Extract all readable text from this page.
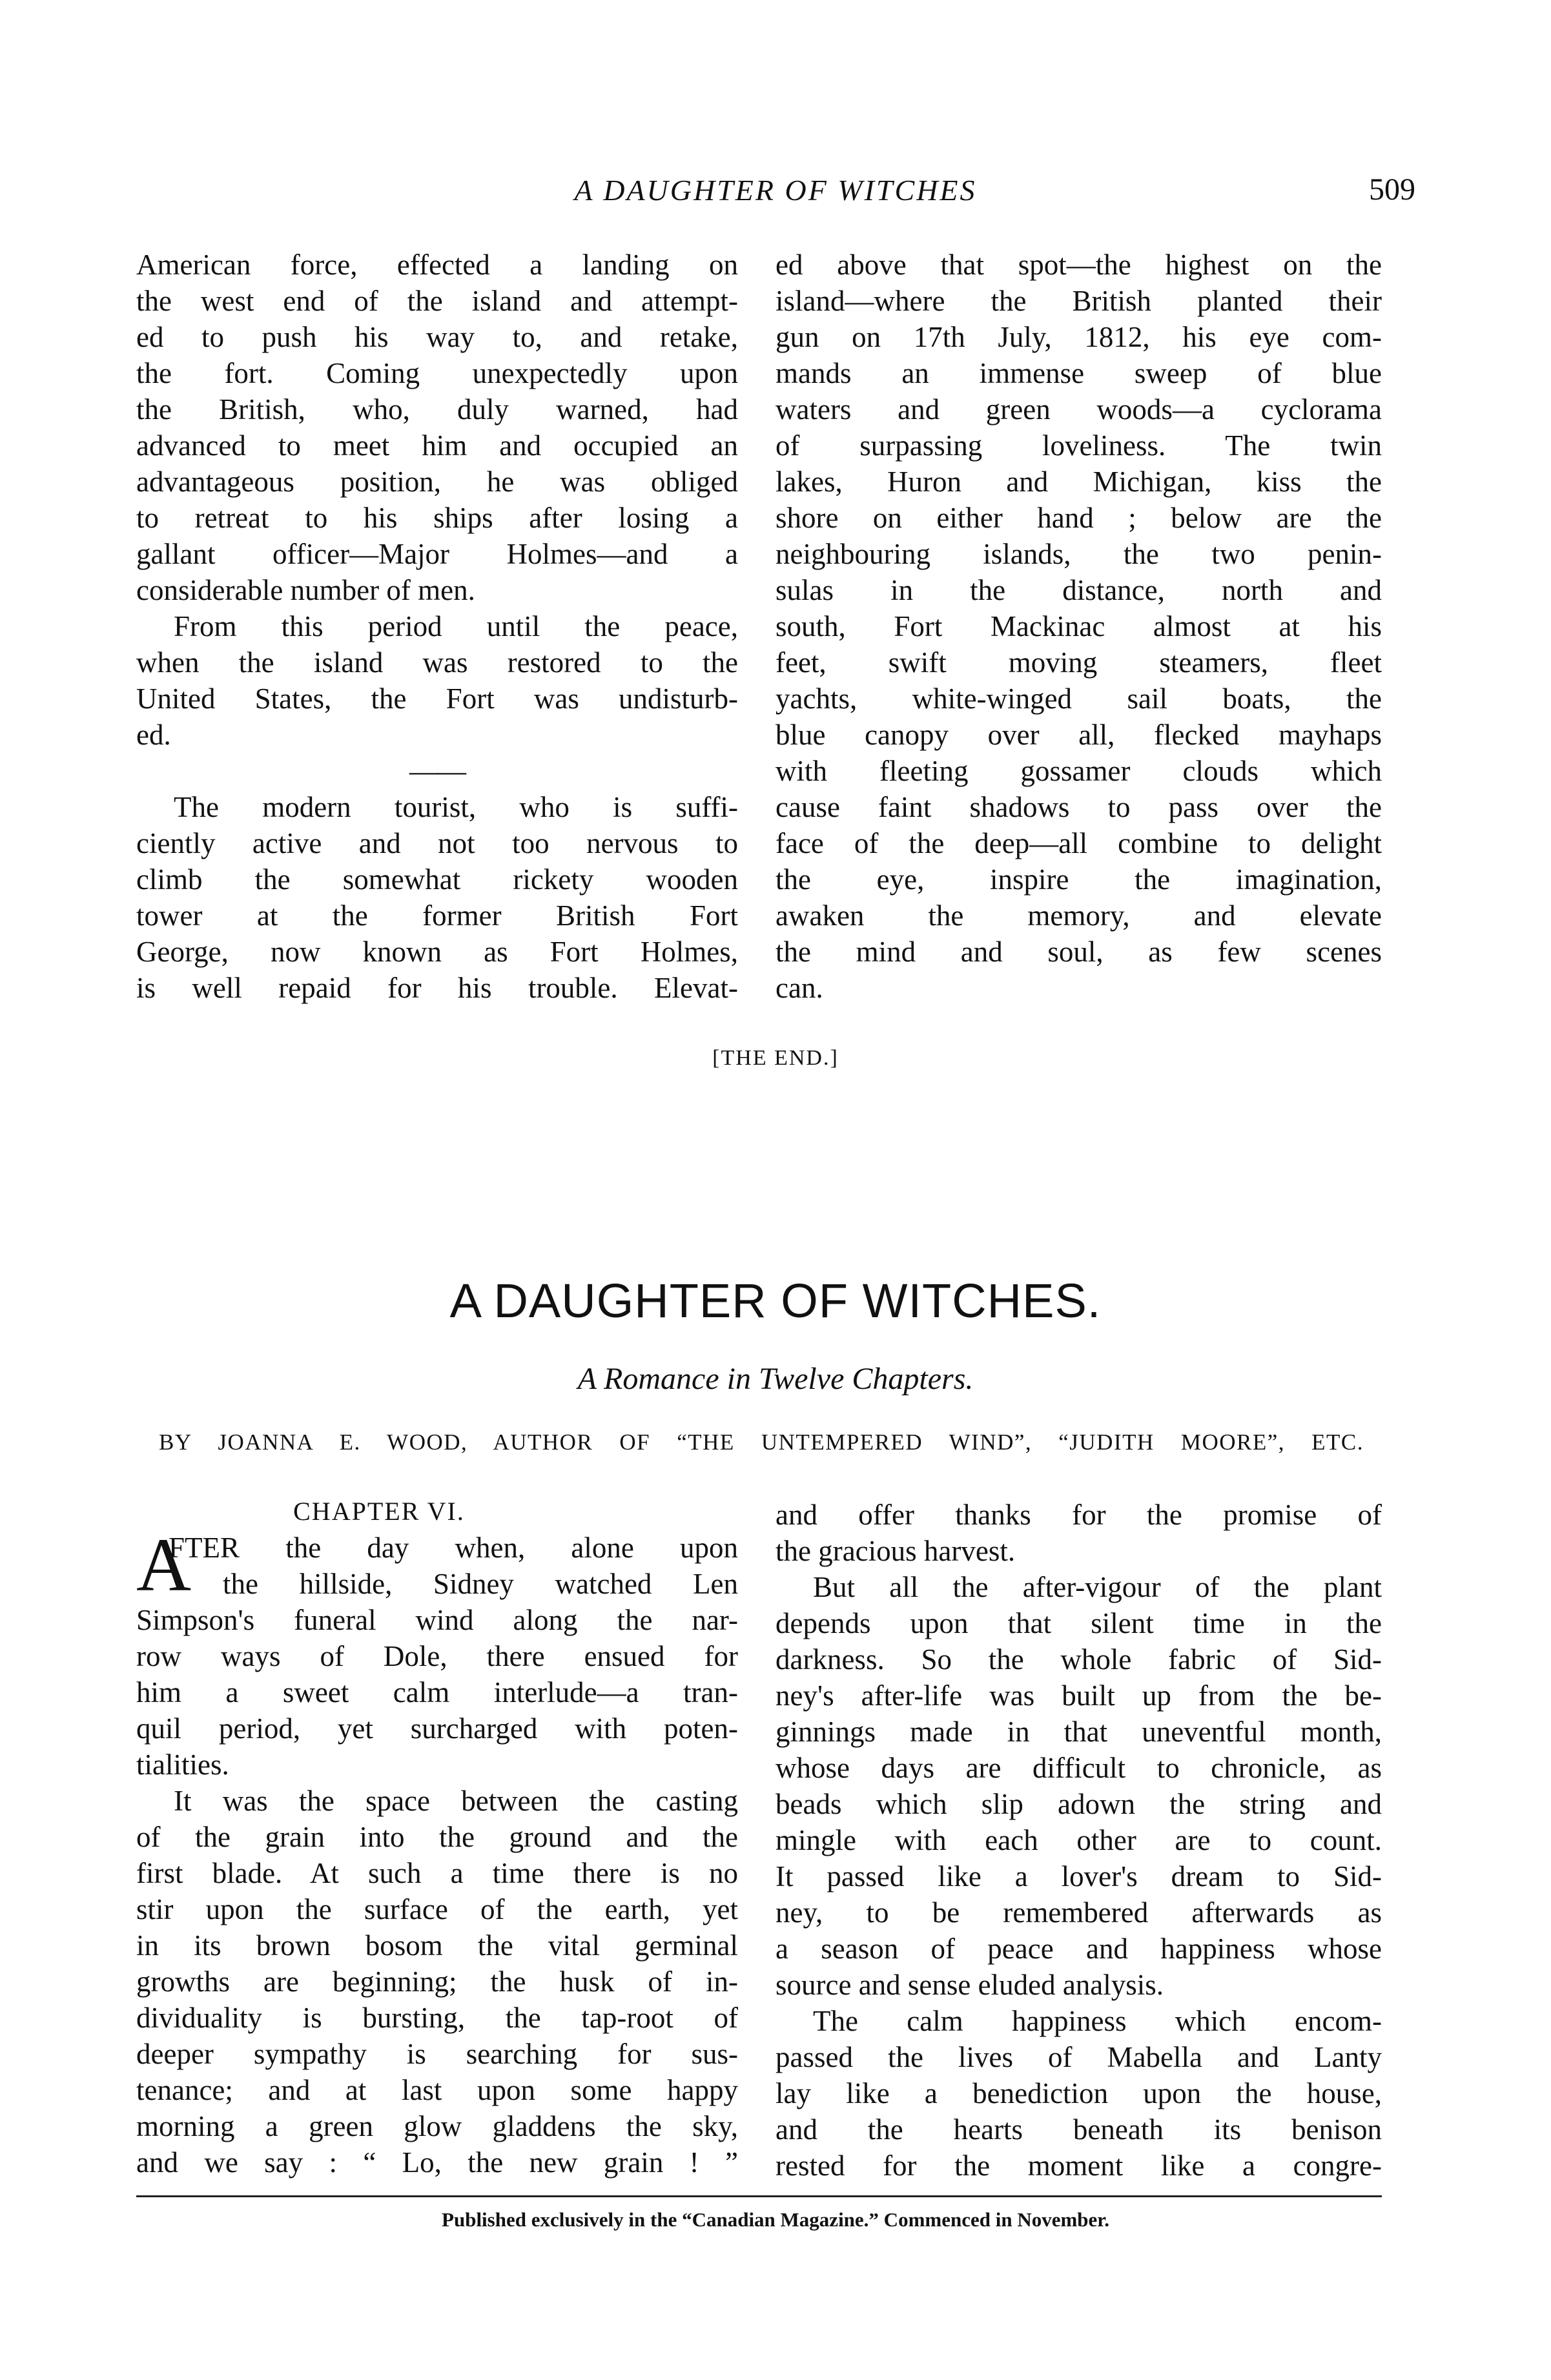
A DAUGHTER OF WITCHES	509
American force, effected a landing on
the west end of the island and attempt-
ed to push his way to, and retake,
the fort. Coming unexpectedly upon
the British, who, duly warned, had
advanced to meet him and occupied an
advantageous position, he was obliged
to retreat to his ships after losing a
gallant officer—Major Holmes—and a
considerable number of men.
From this period until the peace,
when the island was restored to the
United States, the Fort was undisturb-
ed.
——
The modern tourist, who is suffi-
ciently active and not too nervous to
climb the somewhat rickety wooden
tower at the former British Fort
George, now known as Fort Holmes,
is well repaid for his trouble. Elevat-
ed above that spot—the highest on the
island—where the British planted their
gun on 17th July, 1812, his eye com-
mands an immense sweep of blue
waters and green woods—a cyclorama
of surpassing loveliness. The twin
lakes, Huron and Michigan, kiss the
shore on either hand ; below are the
neighbouring islands, the two penin-
sulas in the distance, north and
south, Fort Mackinac almost at his
feet, swift moving steamers, fleet
yachts, white-winged sail boats, the
blue canopy over all, flecked mayhaps
with fleeting gossamer clouds which
cause faint shadows to pass over the
face of the deep—all combine to delight
the eye, inspire the imagination,
awaken the memory, and elevate
the mind and soul, as few scenes
can.
[THE END.]
A DAUGHTER OF WITCHES.
A Romance in Twelve Chapters.
BY JOANNA E. WOOD, AUTHOR OF “THE UNTEMPERED WIND”, “JUDITH MOORE”, ETC.
CHAPTER VI.
A
FTER the day when, alone upon
the hillside, Sidney watched Len
Simpson's funeral wind along the nar-
row ways of Dole, there ensued for
him a sweet calm interlude—a tran-
quil period, yet surcharged with poten-
tialities.
It was the space between the casting
of the grain into the ground and the
first blade. At such a time there is no
stir upon the surface of the earth, yet
in its brown bosom the vital germinal
growths are beginning; the husk of in-
dividuality is bursting, the tap-root of
deeper sympathy is searching for sus-
tenance; and at last upon some happy
morning a green glow gladdens the sky,
and we say : “ Lo, the new grain ! ”
and offer thanks for the promise of
the gracious harvest.
But all the after-vigour of the plant
depends upon that silent time in the
darkness. So the whole fabric of Sid-
ney's after-life was built up from the be-
ginnings made in that uneventful month,
whose days are difficult to chronicle, as
beads which slip adown the string and
mingle with each other are to count.
It passed like a lover's dream to Sid-
ney, to be remembered afterwards as
a season of peace and happiness whose
source and sense eluded analysis.
The calm happiness which encom-
passed the lives of Mabella and Lanty
lay like a benediction upon the house,
and the hearts beneath its benison
rested for the moment like a congre-
Published exclusively in the “Canadian Magazine.” Commenced in November.
